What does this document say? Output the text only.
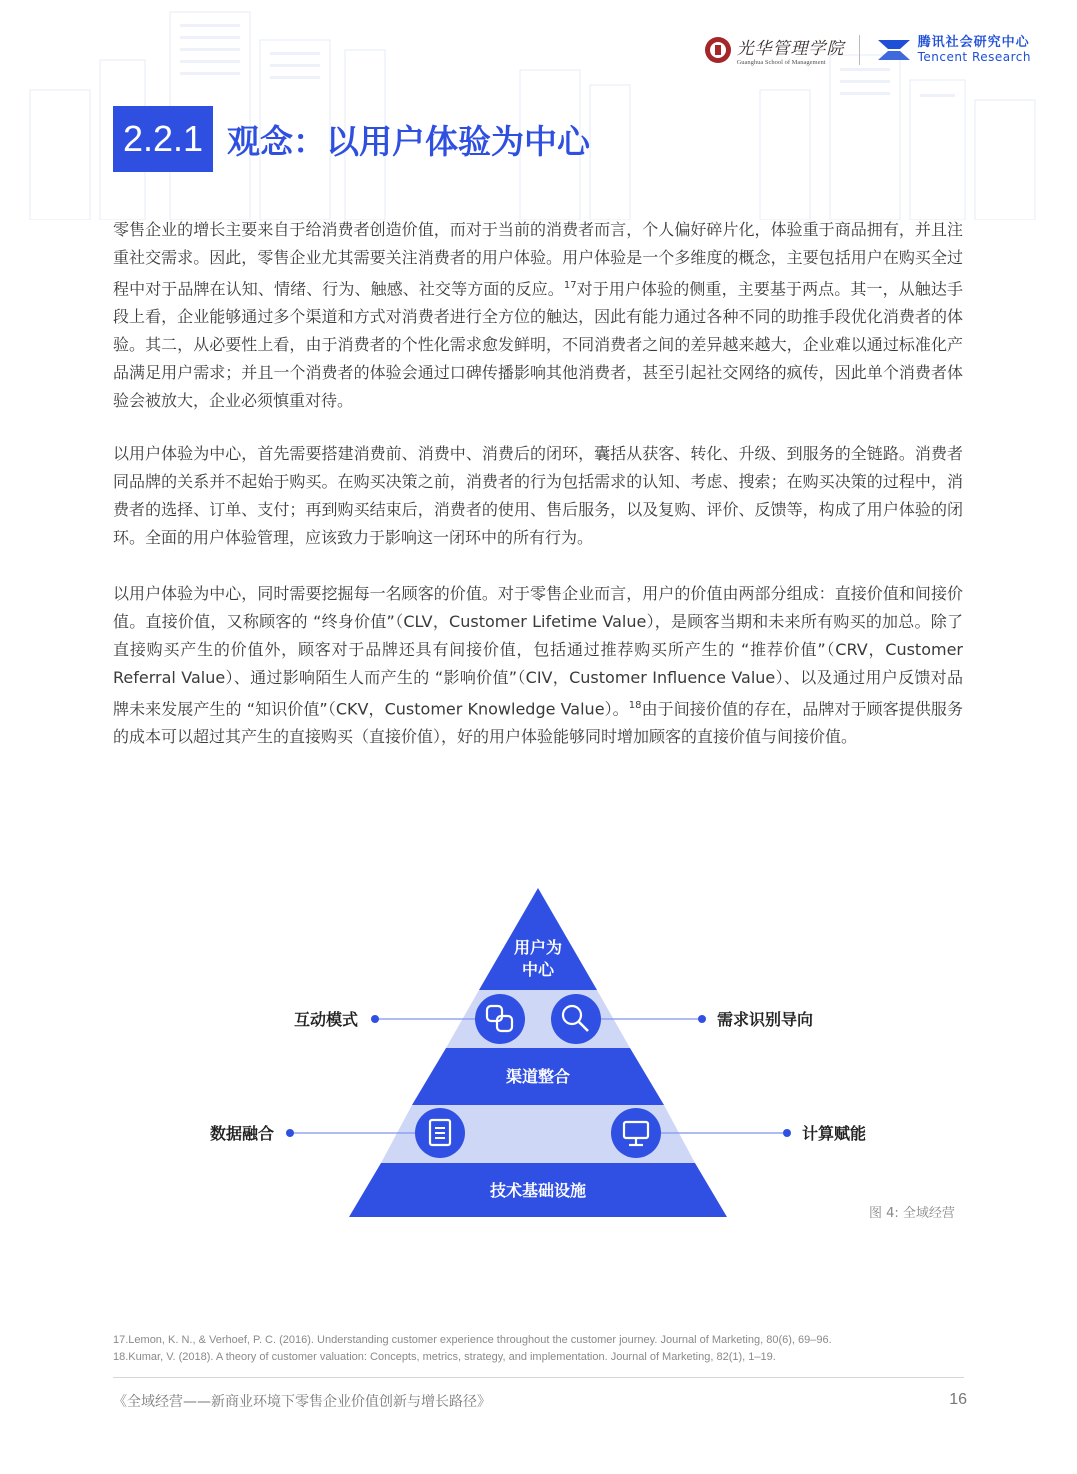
光华管理学院
Guanghua School of Management
腾讯社会研究中心
Tencent Research
2.2.1 观念：以用户体验为中心

零售企业的增长主要来自于给消费者创造价值，而对于当前的消费者而言，个人偏好碎片化，体验重于商品拥有，并且注重社交需求。因此，零售企业尤其需要关注消费者的用户体验。用户体验是一个多维度的概念，主要包括用户在购买全过程中对于品牌在认知、情绪、行为、触感、社交等方面的反应。$^{17}$对于用户体验的侧重，主要基于两点。其一，从触达手段上看，企业能够通过多个渠道和方式对消费者进行全方位的触达，因此有能力通过各种不同的助推手段优化消费者的体验。其二，从必要性上看，由于消费者的个性化需求愈发鲜明，不同消费者之间的差异越来越大，企业难以通过标准化产品满足用户需求；并且一个消费者的体验会通过口碑传播影响其他消费者，甚至引起社交网络的疯传，因此单个消费者体验会被放大，企业必须慎重对待。

以用户体验为中心，首先需要搭建消费前、消费中、消费后的闭环，囊括从获客、转化、升级、到服务的全链路。消费者同品牌的关系并不起始于购买。在购买决策之前，消费者的行为包括需求的认知、考虑、搜索；在购买决策的过程中，消费者的选择、订单、支付；再到购买结束后，消费者的使用、售后服务，以及复购、评价、反馈等，构成了用户体验的闭环。全面的用户体验管理，应该致力于影响这一闭环中的所有行为。

以用户体验为中心，同时需要挖掘每一名顾客的价值。对于零售企业而言，用户的价值由两部分组成：直接价值和间接价值。直接价值，又称顾客的 “终身价值”（CLV，Customer Lifetime Value），是顾客当期和未来所有购买的加总。除了直接购买产生的价值外，顾客对于品牌还具有间接价值，包括通过推荐购买所产生的 “推荐价值”（CRV，Customer Referral Value）、通过影响陌生人而产生的 “影响价值”（CIV，Customer Influence Value）、以及通过用户反馈对品牌未来发展产生的 “知识价值”（CKV，Customer Knowledge Value）。$^{18}$由于间接价值的存在，品牌对于顾客提供服务的成本可以超过其产生的直接购买（直接价值），好的用户体验能够同时增加顾客的直接价值与间接价值。

用户为
中心
渠道整合
技术基础设施
互动模式	需求识别导向
数据融合	计算赋能
图 4: 全域经营
17.Lemon, K. N., & Verhoef, P. C. (2016). Understanding customer experience throughout the customer journey. Journal of Marketing, 80(6), 69–96.
18.Kumar, V. (2018). A theory of customer valuation: Concepts, metrics, strategy, and implementation. Journal of Marketing, 82(1), 1–19.
《全域经营——新商业环境下零售企业价值创新与增长路径》	16
